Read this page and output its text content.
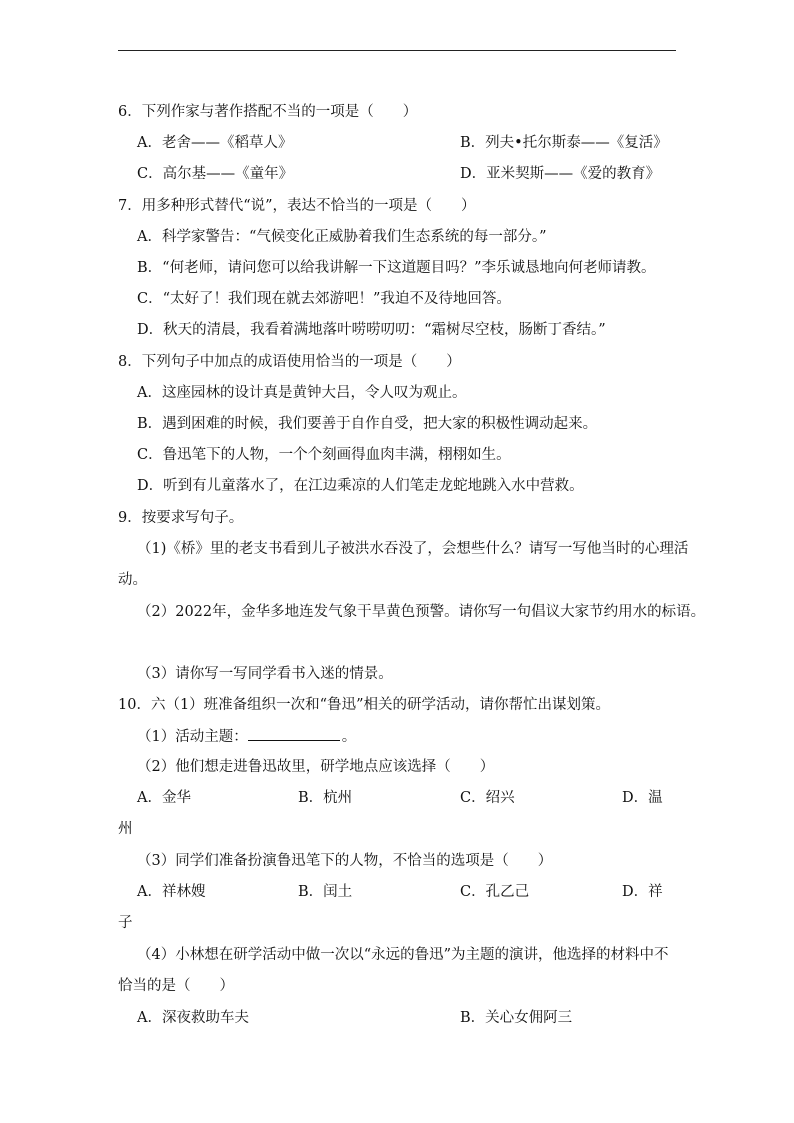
6．下列作家与著作搭配不当的一项是（　　）
A．老舍——《稻草人》	B．列夫•托尔斯泰——《复活》
C．高尔基——《童年》	D．亚米契斯——《爱的教育》
7．用多种形式替代“说”，表达不恰当的一项是（　　）
A．科学家警告：“气候变化正威胁着我们生态系统的每一部分。”
B．“何老师，请问您可以给我讲解一下这道题目吗？”李乐诚恳地向何老师请教。
C．“太好了！我们现在就去郊游吧！”我迫不及待地回答。
D．秋天的清晨，我看着满地落叶唠唠叨叨：“霜树尽空枝，肠断丁香结。”
8．下列句子中加点的成语使用恰当的一项是（　　）
A．这座园林的设计真是黄钟大吕，令人叹为观止。
B．遇到困难的时候，我们要善于自作自受，把大家的积极性调动起来。
C．鲁迅笔下的人物，一个个刻画得血肉丰满，栩栩如生。
D．听到有儿童落水了，在江边乘凉的人们笔走龙蛇地跳入水中营救。
9．按要求写句子。
（1)《桥》里的老支书看到儿子被洪水吞没了，会想些什么？请写一写他当时的心理活
动。
（2）2022年，金华多地连发气象干旱黄色预警。请你写一句倡议大家节约用水的标语。
（3）请你写一写同学看书入迷的情景。
10．六（1）班准备组织一次和“鲁迅”相关的研学活动，请你帮忙出谋划策。
（1）活动主题：	。
（2）他们想走进鲁迅故里，研学地点应该选择（　　）
A．金华	B．杭州	C．绍兴	D．温
州
（3）同学们准备扮演鲁迅笔下的人物，不恰当的选项是（　　）
A．祥林嫂	B．闰土	C．孔乙己	D．祥
子
（4）小林想在研学活动中做一次以“永远的鲁迅”为主题的演讲，他选择的材料中不
恰当的是（　　）
A．深夜救助车夫	B．关心女佣阿三
